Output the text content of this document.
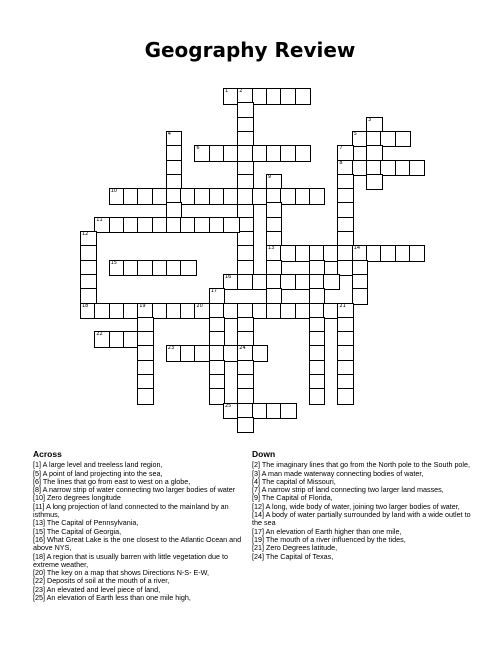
Geography Review
1 2
3
4	5
6	7
8
9
10
11
12
13	14
15
16
17
18	19	20	21
22
23	24
25
Across
[1] A large level and treeless land region,
[5] A point of land projecting into the sea,
[6] The lines that go from east to west on a globe,
[8] A narrow strip of water connecting two larger bodies of water
[10] Zero degrees longitude
[11] A long projection of land connected to the mainland by an isthmus,
[13] The Capital of Pennsylvania,
[15] The Capital of Georgia,
[16] What Great Lake is the one closest to the Atlantic Ocean and above NYS,
[18] A region that is usually barren with little vegetation due to extreme weather,
[20] The key on a map that shows Directions N-S- E-W,
[22] Deposits of soil at the mouth of a river,
[23] An elevated and level piece of land,
[25] An elevation of Earth less than one mile high,
Down
[2] The imaginary lines that go from the North pole to the South pole,
[3] A man made waterway connecting bodies of water,
[4] The capital of Missouri,
[7] A narrow strip of land connecting two larger land masses,
[9] The Capital of Florida,
[12] A long, wide body of water, joining two larger bodies of water,
[14] A body of water partially surrounded by land with a wide outlet to the sea
[17] An elevation of Earth higher than one mile,
[19] The mouth of a river influenced by the tides,
[21] Zero Degrees latitude,
[24] The Capital of Texas,
